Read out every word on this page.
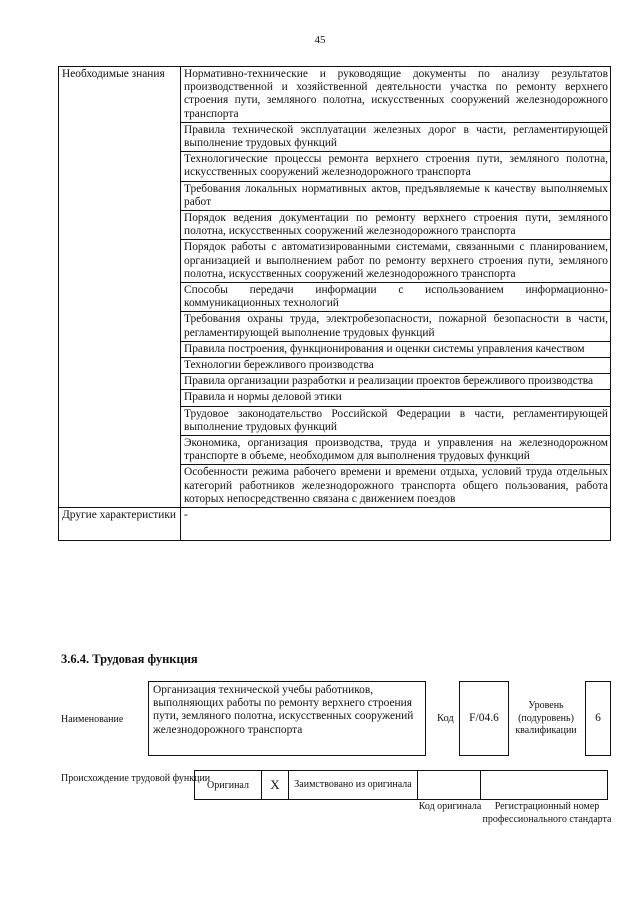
45
Необходимые знания	Нормативно-технические и руководящие документы по анализу результатов производственной и хозяйственной деятельности участка по ремонту верхнего строения пути, земляного полотна, искусственных сооружений железнодорожного транспорта
	Правила технической эксплуатации железных дорог в части, регламентирующей выполнение трудовых функций
	Технологические процессы ремонта верхнего строения пути, земляного полотна, искусственных сооружений железнодорожного транспорта
	Требования локальных нормативных актов, предъявляемые к качеству выполняемых работ
	Порядок ведения документации по ремонту верхнего строения пути, земляного полотна, искусственных сооружений железнодорожного транспорта
	Порядок работы с автоматизированными системами, связанными с планированием, организацией и выполнением работ по ремонту верхнего строения пути, земляного полотна, искусственных сооружений железнодорожного транспорта
	Способы передачи информации с использованием информационно-коммуникационных технологий
	Требования охраны труда, электробезопасности, пожарной безопасности в части, регламентирующей выполнение трудовых функций
	Правила построения, функционирования и оценки системы управления качеством
	Технологии бережливого производства
	Правила организации разработки и реализации проектов бережливого производства
	Правила и нормы деловой этики
	Трудовое законодательство Российской Федерации в части, регламентирующей выполнение трудовых функций
	Экономика, организация производства, труда и управления на железнодорожном транспорте в объеме, необходимом для выполнения трудовых функций
	Особенности режима рабочего времени и времени отдыха, условий труда отдельных категорий работников железнодорожного транспорта общего пользования, работа которых непосредственно связана с движением поездов
Другие характеристики	-
3.6.4. Трудовая функция
Наименование
Организация технической учебы работников, выполняющих работы по ремонту верхнего строения пути, земляного полотна, искусственных сооружений железнодорожного транспорта
Код	F/04.6
Уровень (подуровень) квалификации
6
Происхождение трудовой функции
Оригинал	X	Заимствовано из оригинала		
Код оригинала	Регистрационный номер профессионального стандарта
